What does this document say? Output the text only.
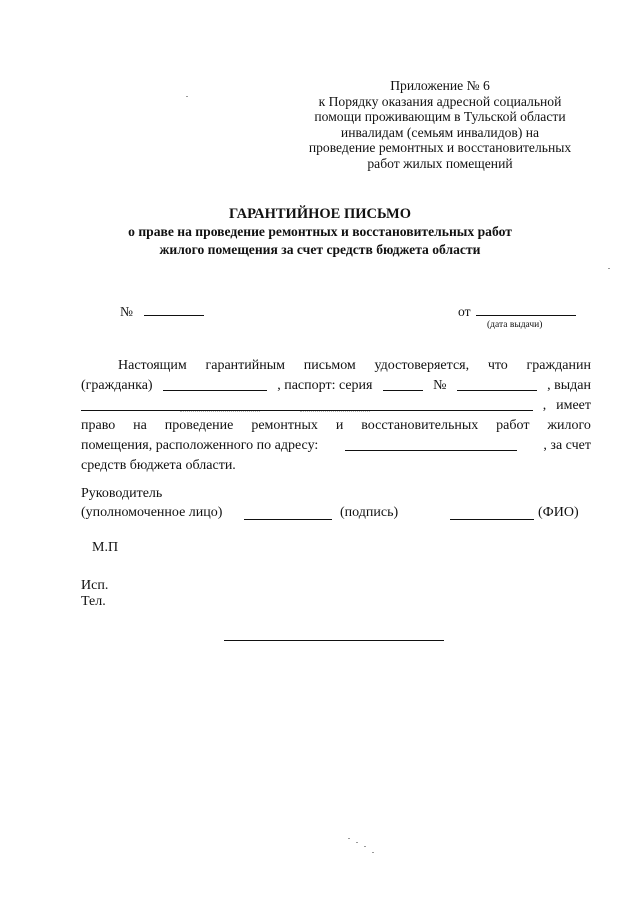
Приложение № 6
к Порядку оказания адресной социальной
помощи проживающим в Тульской области
инвалидам (семьям инвалидов) на
проведение ремонтных и восстановительных
работ жилых помещений
ГАРАНТИЙНОЕ ПИСЬМО
о праве на проведение ремонтных и восстановительных работ
жилого помещения за счет средств бюджета области
№	от
(дата выдачи)
Настоящим гарантийным письмом удостоверяется, что гражданин
(гражданка)	, паспорт: серия	№	, выдан
, имеет
право на проведение ремонтных и восстановительных работ жилого
помещения, расположенного по адресу:	, за счет
средств бюджета области.
Руководитель
(уполномоченное лицо)	(подпись)	(ФИО)
М.П
Исп.
Тел.
